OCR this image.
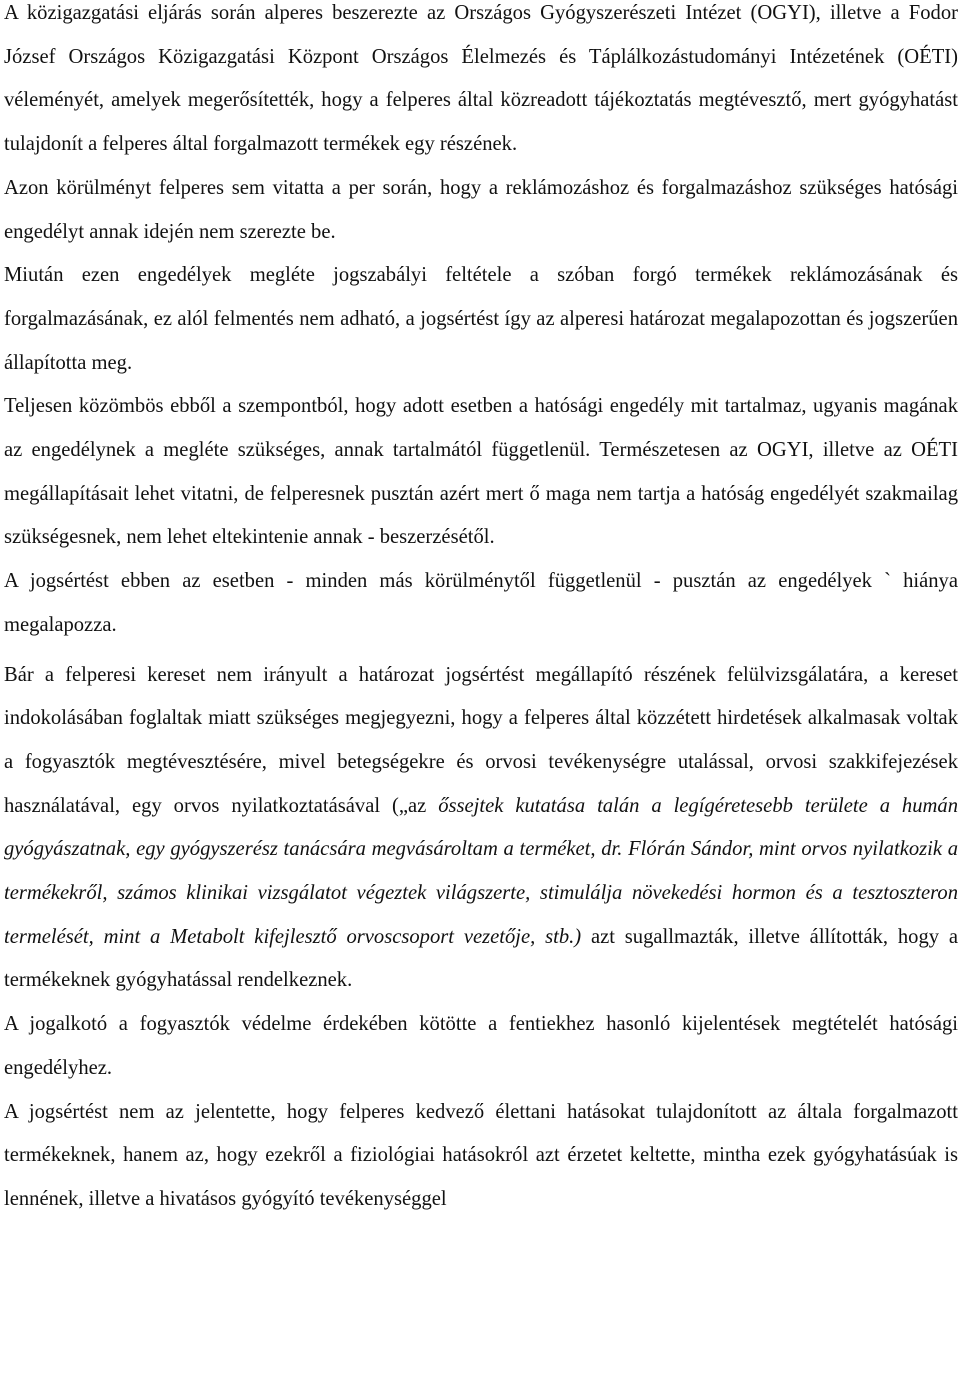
A közigazgatási eljárás során alperes beszerezte az Országos Gyógyszerészeti Intézet (OGYI), illetve a Fodor József Országos Közigazgatási Központ Országos Élelmezés és Táplálkozástudományi Intézetének (OÉTI) véleményét, amelyek megerősítették, hogy a felperes által közreadott tájékoztatás megtévesztő, mert gyógyhatást tulajdonít a felperes által forgalmazott termékek egy részének.

Azon körülményt felperes sem vitatta a per során, hogy a reklámozáshoz és forgalmazáshoz szükséges hatósági engedélyt annak idején nem szerezte be.

Miután ezen engedélyek megléte jogszabályi feltétele a szóban forgó termékek reklámozásának és forgalmazásának, ez alól felmentés nem adható, a jogsértést így az alperesi határozat megalapozottan és jogszerűen állapította meg.

Teljesen közömbös ebből a szempontból, hogy adott esetben a hatósági engedély mit tartalmaz, ugyanis magának az engedélynek a megléte szükséges, annak tartalmától függetlenül. Természetesen az OGYI, illetve az OÉTI megállapításait lehet vitatni, de felperesnek pusztán azért mert ő maga nem tartja a hatóság engedélyét szakmailag szükségesnek, nem lehet eltekintenie annak - beszerzésétől.

A jogsértést ebben az esetben - minden más körülménytől függetlenül - pusztán az engedélyek ` hiánya megalapozza.

Bár a felperesi kereset nem irányult a határozat jogsértést megállapító részének felülvizsgálatára, a kereset indokolásában foglaltak miatt szükséges megjegyezni, hogy a felperes által közzétett hirdetések alkalmasak voltak a fogyasztók megtévesztésére, mivel betegségekre és orvosi tevékenységre utalással, orvosi szakkifejezések használatával, egy orvos nyilatkoztatásával („az őssejtek kutatása talán a legígéretesebb területe a humán gyógyászatnak, egy gyógyszerész tanácsára megvásároltam a terméket, dr. Flórán Sándor, mint orvos nyilatkozik a termékekről, számos klinikai vizsgálatot végeztek világszerte, stimulálja növekedési hormon és a tesztoszteron termelését, mint a Metabolt kifejlesztő orvoscsoport vezetője, stb.) azt sugallmazták, illetve állították, hogy a termékeknek gyógyhatással rendelkeznek.

A jogalkotó a fogyasztók védelme érdekében kötötte a fentiekhez hasonló kijelentések megtételét hatósági engedélyhez.

A jogsértést nem az jelentette, hogy felperes kedvező élettani hatásokat tulajdonított az általa forgalmazott termékeknek, hanem az, hogy ezekről a fiziológiai hatásokról azt érzetet keltette, mintha ezek gyógyhatásúak is lennének, illetve a hivatásos gyógyító tevékenységgel
